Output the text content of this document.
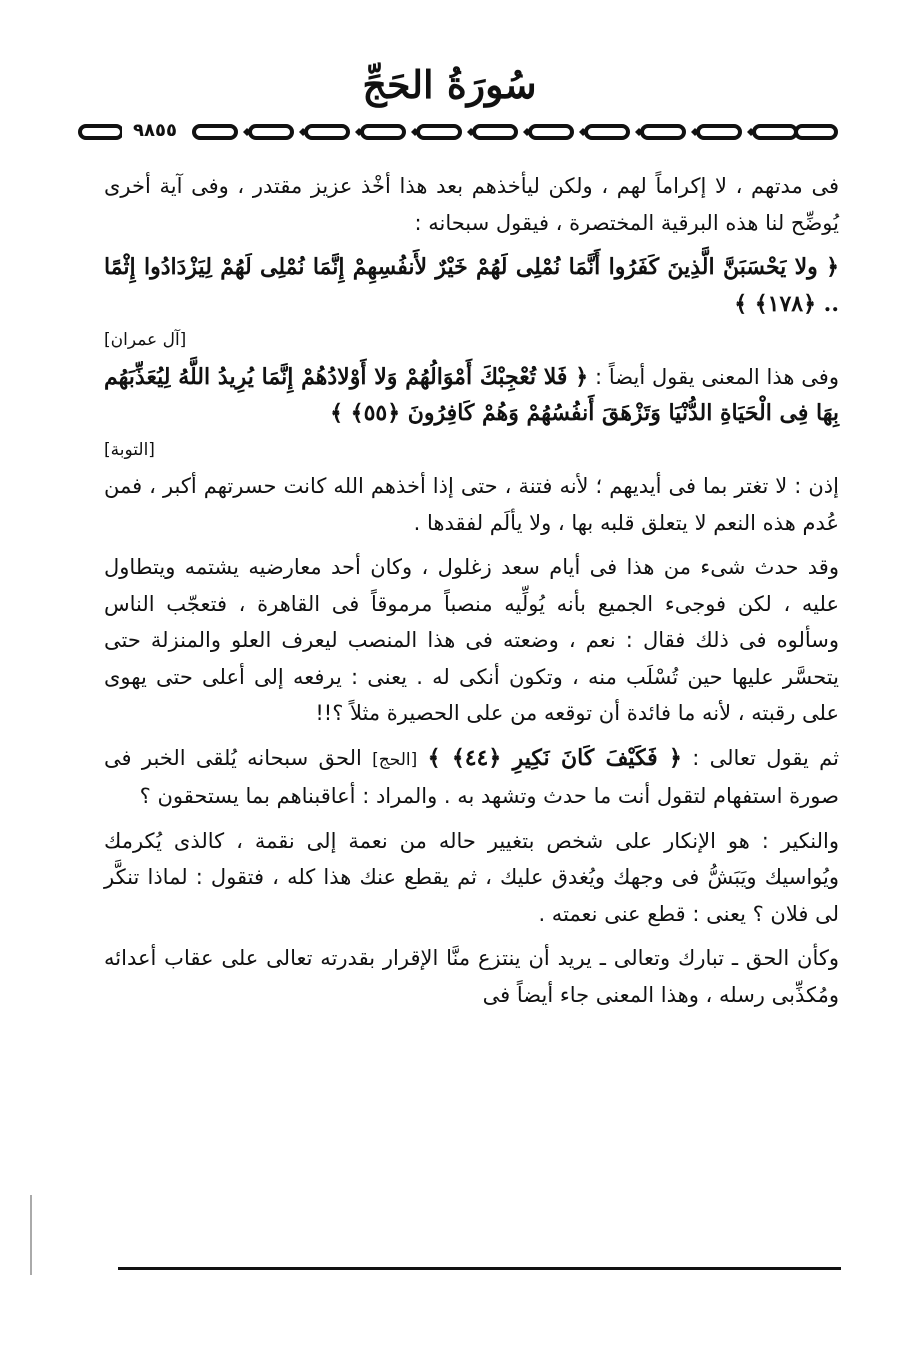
سُورَةُ الحَجِّ
٩٨٥٥

فى مدتهم ، لا إكراماً لهم ، ولكن ليأخذهم بعد هذا أخْذ عزيز مقتدر ، وفى آية أخرى يُوضِّح لنا هذه البرقية المختصرة ، فيقول سبحانه :

﴿ ولا يَحْسَبَنَّ الَّذِينَ كَفَرُوا أَنَّمَا نُمْلِى لَهُمْ خَيْرٌ لأَنفُسِهِمْ إِنَّمَا نُمْلِى لَهُمْ لِيَزْدَادُوا إِثْمًا .. ﴿١٧٨﴾ ﴾

[آل عمران]

وفى هذا المعنى يقول أيضاً : ﴿ فَلا تُعْجِبْكَ أَمْوَالُهُمْ وَلا أَوْلادُهُمْ إِنَّمَا يُرِيدُ اللَّهُ لِيُعَذِّبَهُم بِهَا فِى الْحَيَاةِ الدُّنْيَا وَتَزْهَقَ أَنفُسُهُمْ وَهُمْ كَافِرُونَ ﴿٥٥﴾ ﴾

[التوبة]

إذن : لا تغتر بما فى أيديهم ؛ لأنه فتنة ، حتى إذا أخذهم الله كانت حسرتهم أكبر ، فمن عُدم هذه النعم لا يتعلق قلبه بها ، ولا يألَم لفقدها .

وقد حدث شىء من هذا فى أيام سعد زغلول ، وكان أحد معارضيه يشتمه ويتطاول عليه ، لكن فوجىء الجميع بأنه يُولِّيه منصباً مرموقاً فى القاهرة ، فتعجّب الناس وسألوه فى ذلك فقال : نعم ، وضعته فى هذا المنصب ليعرف العلو والمنزلة حتى يتحسَّر عليها حين تُسْلَب منه ، وتكون أنكى له . يعنى : يرفعه إلى أعلى حتى يهوى على رقبته ، لأنه ما فائدة أن توقعه من على الحصيرة مثلاً ؟!!

ثم يقول تعالى : ﴿ فَكَيْفَ كَانَ نَكِيرِ ﴿٤٤﴾ ﴾ [الحج] الحق سبحانه يُلقى الخبر فى صورة استفهام لتقول أنت ما حدث وتشهد به . والمراد : أعاقبناهم بما يستحقون ؟

والنكير : هو الإنكار على شخص بتغيير حاله من نعمة إلى نقمة ، كالذى يُكرمك ويُواسيك ويَبَشُّ فى وجهك ويُغدق عليك ، ثم يقطع عنك هذا كله ، فتقول : لماذا تنكَّر لى فلان ؟ يعنى : قطع عنى نعمته .

وكأن الحق ـ تبارك وتعالى ـ يريد أن ينتزع منَّا الإقرار بقدرته تعالى على عقاب أعدائه ومُكذِّبى رسله ، وهذا المعنى جاء أيضاً فى
